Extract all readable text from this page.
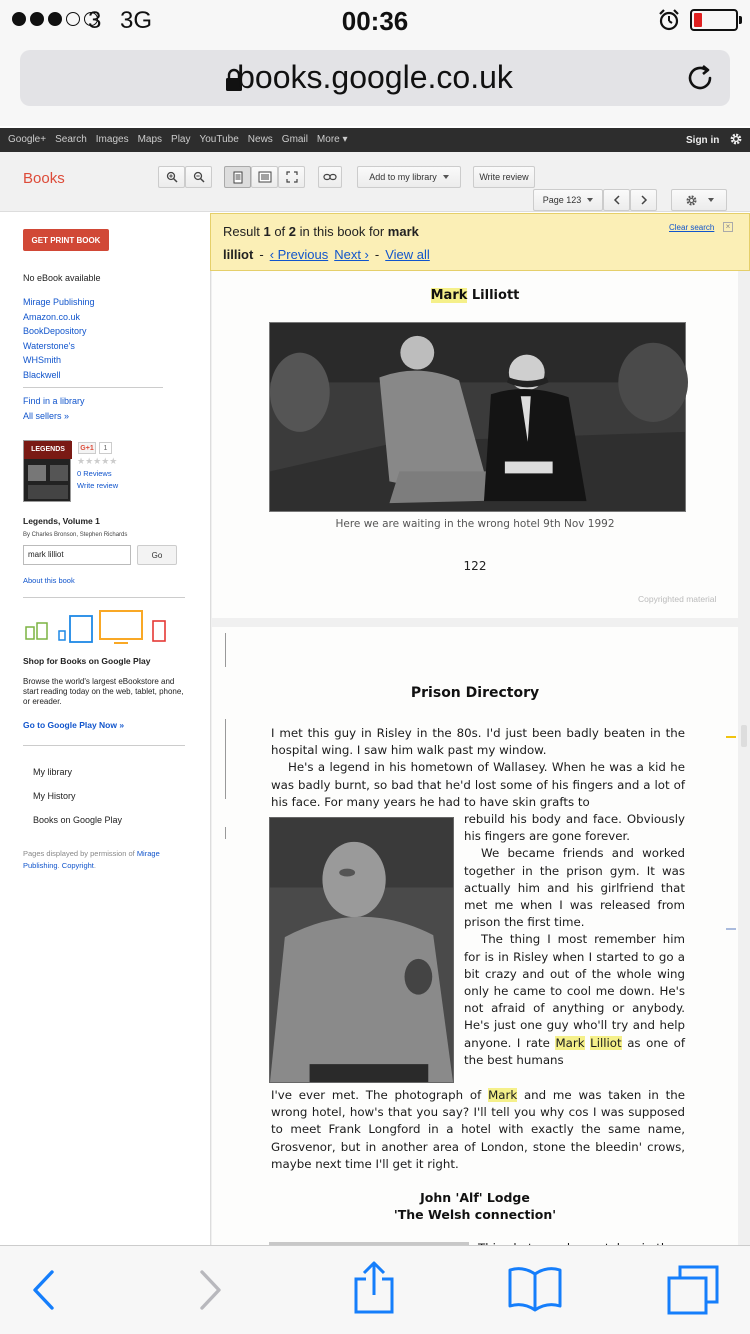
3 3G	00:36
books.google.co.uk
Google+ Search Images Maps Play YouTube News Gmail More ▾	Sign in
Books	Add to my library	Write review
Page 123
GET PRINT BOOK
No eBook available
Mirage Publishing
Amazon.co.uk
BookDepository
Waterstone's
WHSmith
Blackwell
Find in a library
All sellers »
LEGENDS	G+1	1
★★★★★
0 Reviews
Write review
Legends, Volume 1
By Charles Bronson, Stephen Richards
mark lilliot	Go
About this book
Shop for Books on Google Play
Browse the world's largest eBookstore and start reading today on the web, tablet, phone, or ereader.
Go to Google Play Now »
My library
My History
Books on Google Play
Pages displayed by permission of Mirage Publishing. Copyright.
Mark Lilliott
Here we are waiting in the wrong hotel 9th Nov 1992
122
Copyrighted material
Prison Directory
I met this guy in Risley in the 80s. I'd just been badly beaten in the hospital wing. I saw him walk past my window.
He's a legend in his hometown of Wallasey. When he was a kid he was badly burnt, so bad that he'd lost some of his fingers and a lot of his face. For many years he had to have skin grafts to
rebuild his body and face. Obviously his fingers are gone forever.
We became friends and worked together in the prison gym. It was actually him and his girlfriend that met me when I was released from prison the first time.
The thing I most remember him for is in Risley when I started to go a bit crazy and out of the whole wing only he came to cool me down. He's not afraid of anything or anybody. He's just one guy who'll try and help anyone. I rate Mark Lilliot as one of the best humans
I've ever met. The photograph of Mark and me was taken in the wrong hotel, how's that you say? I'll tell you why cos I was supposed to meet Frank Longford in a hotel with exactly the same name, Grosvenor, but in another area of London, stone the bleedin' crows, maybe next time I'll get it right.
John 'Alf' Lodge
'The Welsh connection'
Result 1 of 2 in this book for mark
lilliot - ‹ Previous Next › - View all
Clear search	×
